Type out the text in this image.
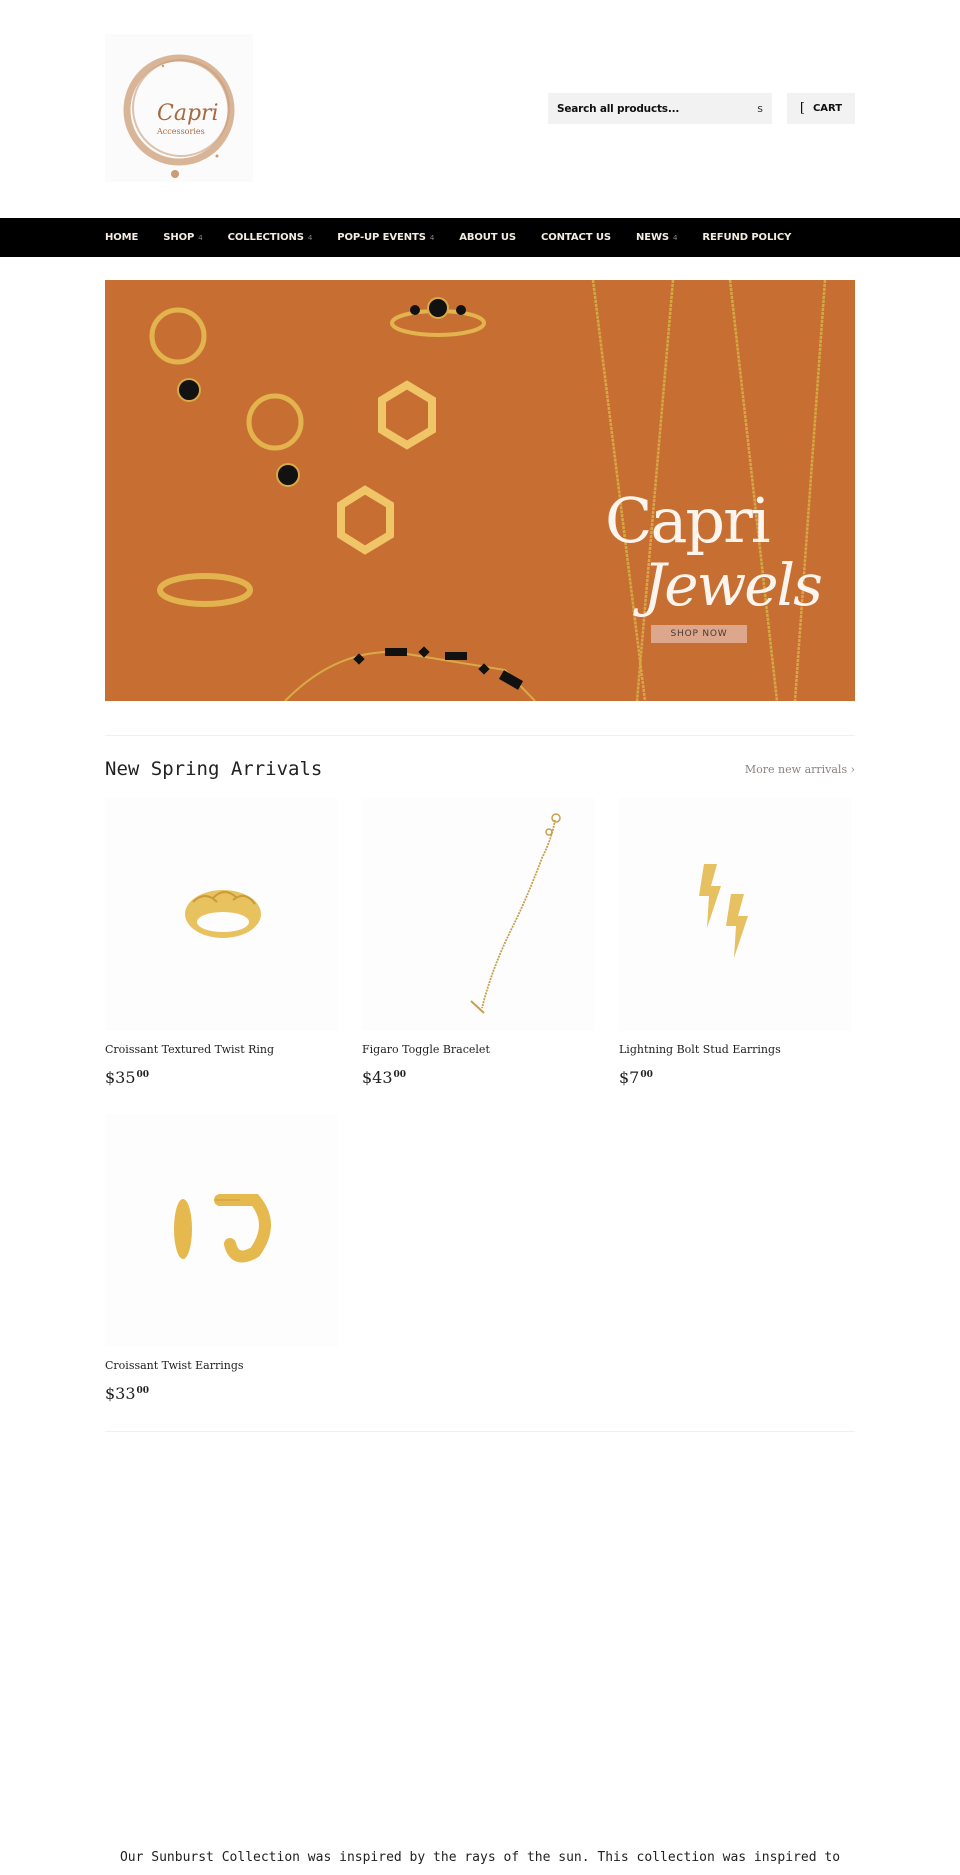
Capri
Accessories
Search all products...
s	[ CART
HOME	SHOP 4	COLLECTIONS 4	POP-UP EVENTS 4	ABOUT US	CONTACT US	NEWS 4	REFUND POLICY
Capri
Jewels
SHOP NOW
New Spring Arrivals	More new arrivals ›
Croissant Textured Twist Ring
$\$35^{00}$
Figaro Toggle Bracelet
$\$43^{00}$
Lightning Bolt Stud Earrings
$\$7^{00}$
Croissant Twist Earrings
$\$33^{00}$
Our Sunburst Collection was inspired by the rays of the sun. This collection was inspired to
